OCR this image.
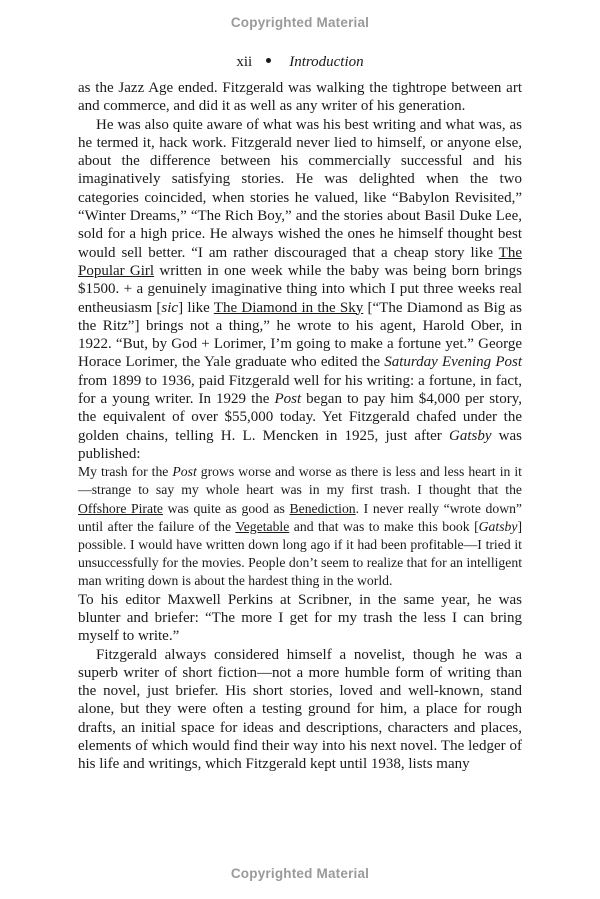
Copyrighted Material
xii Introduction

as the Jazz Age ended. Fitzgerald was walking the tightrope between art and commerce, and did it as well as any writer of his generation.

He was also quite aware of what was his best writing and what was, as he termed it, hack work. Fitzgerald never lied to himself, or anyone else, about the difference between his commercially successful and his imaginatively satisfying stories. He was delighted when the two categories coincided, when stories he valued, like “Babylon Revisited,” “Winter Dreams,” “The Rich Boy,” and the stories about Basil Duke Lee, sold for a high price. He always wished the ones he himself thought best would sell better. “I am rather discouraged that a cheap story like The Popular Girl written in one week while the baby was being born brings $1500. + a genuinely imaginative thing into which I put three weeks real entheusiasm [sic] like The Diamond in the Sky [“The Diamond as Big as the Ritz”] brings not a thing,” he wrote to his agent, Harold Ober, in 1922. “But, by God + Lorimer, I’m going to make a fortune yet.” George Horace Lorimer, the Yale graduate who edited the Saturday Evening Post from 1899 to 1936, paid Fitzgerald well for his writing: a fortune, in fact, for a young writer. In 1929 the Post began to pay him $4,000 per story, the equivalent of over $55,000 today. Yet Fitzgerald chafed under the golden chains, telling H. L. Mencken in 1925, just after Gatsby was published:

My trash for the Post grows worse and worse as there is less and less heart in it—strange to say my whole heart was in my first trash. I thought that the Offshore Pirate was quite as good as Benediction. I never really “wrote down” until after the failure of the Vegetable and that was to make this book [Gatsby] possible. I would have written down long ago if it had been profitable—I tried it unsuccessfully for the movies. People don’t seem to realize that for an intelligent man writing down is about the hardest thing in the world.

To his editor Maxwell Perkins at Scribner, in the same year, he was blunter and briefer: “The more I get for my trash the less I can bring myself to write.”

Fitzgerald always considered himself a novelist, though he was a superb writer of short fiction—not a more humble form of writing than the novel, just briefer. His short stories, loved and well-known, stand alone, but they were often a testing ground for him, a place for rough drafts, an initial space for ideas and descriptions, characters and places, elements of which would find their way into his next novel. The ledger of his life and writings, which Fitzgerald kept until 1938, lists many

Copyrighted Material
